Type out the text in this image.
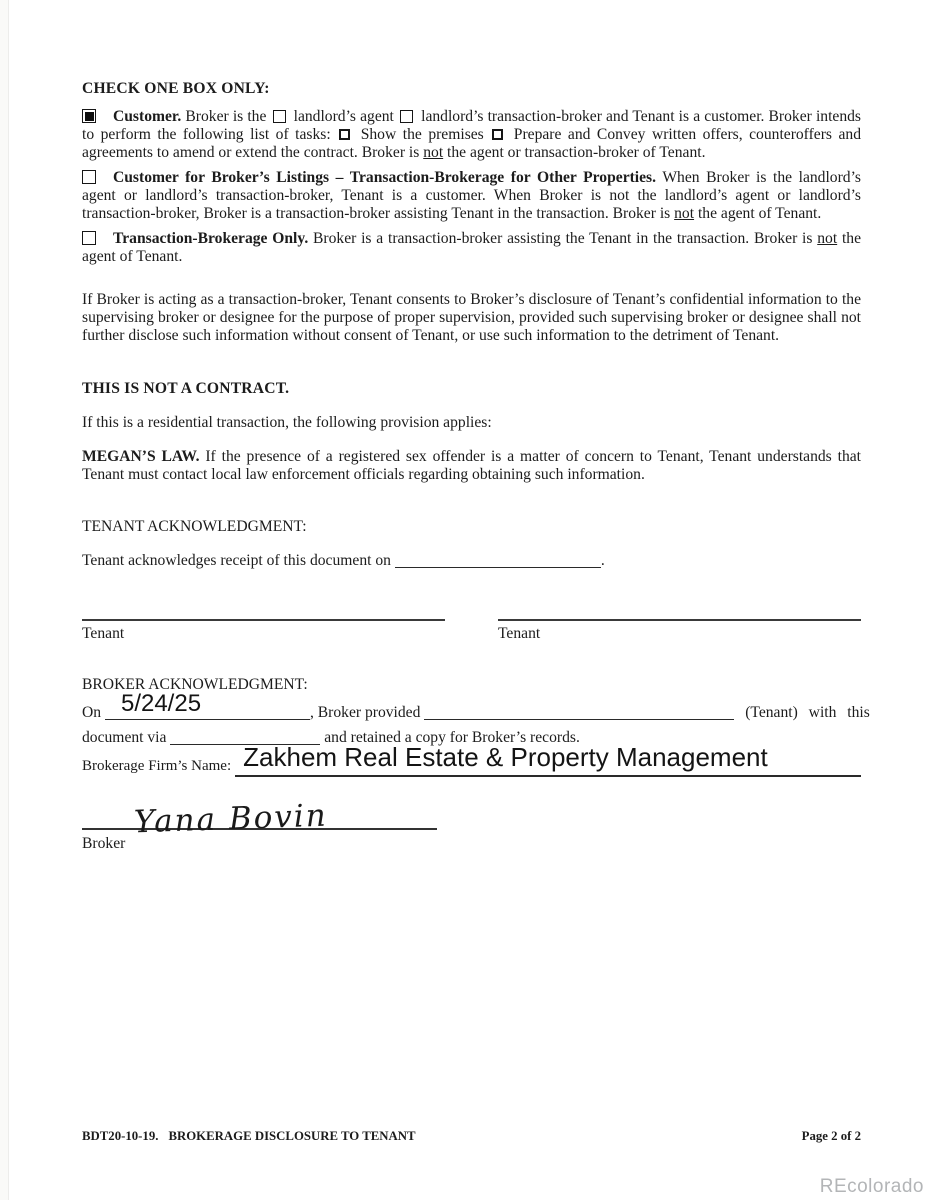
CHECK ONE BOX ONLY:

Customer. Broker is the  landlord’s agent  landlord’s transaction-broker and Tenant is a customer. Broker intends to perform the following list of tasks:  Show the premises  Prepare and Convey written offers, counteroffers and agreements to amend or extend the contract. Broker is not the agent or transaction-broker of Tenant.

Customer for Broker’s Listings – Transaction-Brokerage for Other Properties. When Broker is the landlord’s agent or landlord’s transaction-broker, Tenant is a customer. When Broker is not the landlord’s agent or landlord’s transaction-broker, Broker is a transaction-broker assisting Tenant in the transaction. Broker is not the agent of Tenant.

Transaction-Brokerage Only. Broker is a transaction-broker assisting the Tenant in the transaction. Broker is not the agent of Tenant.

If Broker is acting as a transaction-broker, Tenant consents to Broker’s disclosure of Tenant’s confidential information to the supervising broker or designee for the purpose of proper supervision, provided such supervising broker or designee shall not further disclose such information without consent of Tenant, or use such information to the detriment of Tenant.

THIS IS NOT A CONTRACT.

If this is a residential transaction, the following provision applies:

MEGAN’S LAW. If the presence of a registered sex offender is a matter of concern to Tenant, Tenant understands that Tenant must contact local law enforcement officials regarding obtaining such information.

TENANT ACKNOWLEDGMENT:
Tenant acknowledges receipt of this document on	.
Tenant	Tenant
BROKER ACKNOWLEDGMENT:
On 5/24/25	, Broker provided	(Tenant) with this
document via	and retained a copy for Broker’s records.
Brokerage Firm’s Name: Zakhem Real Estate & Property Management
Yana Bovin
Broker
BDT20-10-19. BROKERAGE DISCLOSURE TO TENANT	Page 2 of 2
REcolorado
